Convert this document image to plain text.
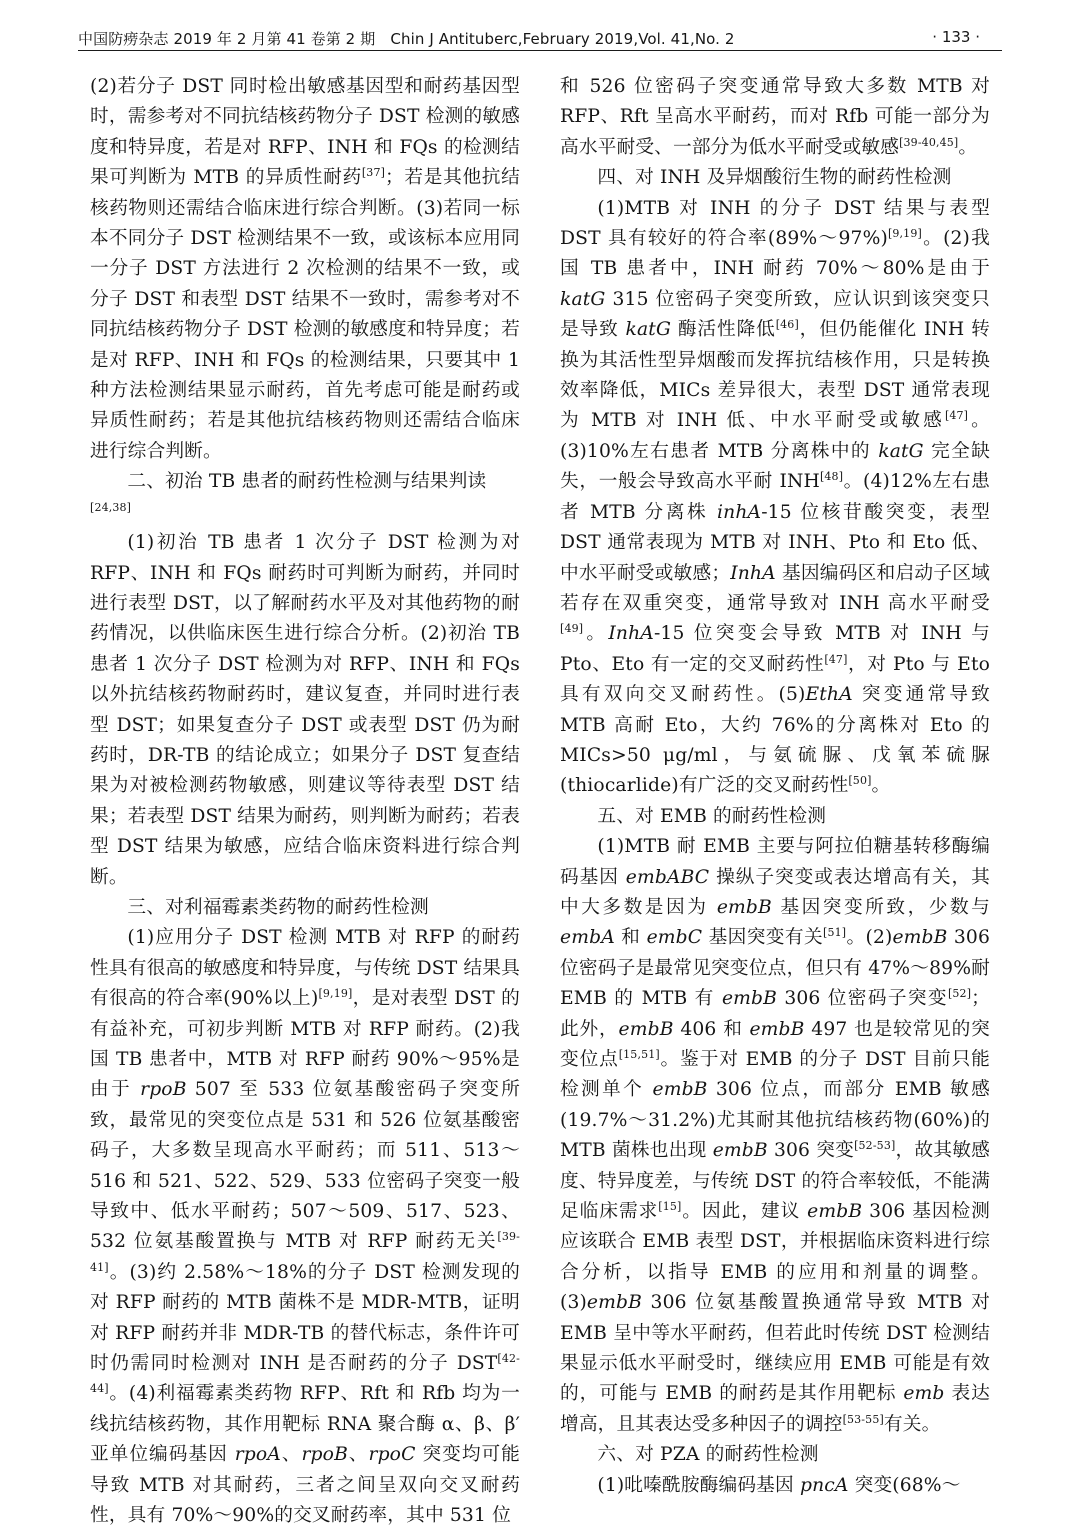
中国防痨杂志 2019 年 2 月第 41 卷第 2 期　Chin J Antituberc,February 2019,Vol. 41,No. 2	· 133 ·

(2)若分子 DST 同时检出敏感基因型和耐药基因型时，需参考对不同抗结核药物分子 DST 检测的敏感度和特异度，若是对 RFP、INH 和 FQs 的检测结果可判断为 MTB 的异质性耐药[37]；若是其他抗结核药物则还需结合临床进行综合判断。(3)若同一标本不同分子 DST 检测结果不一致，或该标本应用同一分子 DST 方法进行 2 次检测的结果不一致，或分子 DST 和表型 DST 结果不一致时，需参考对不同抗结核药物分子 DST 检测的敏感度和特异度；若是对 RFP、INH 和 FQs 的检测结果，只要其中 1 种方法检测结果显示耐药，首先考虑可能是耐药或异质性耐药；若是其他抗结核药物则还需结合临床进行综合判断。

二、初治 TB 患者的耐药性检测与结果判读[24,38]

(1)初治 TB 患者 1 次分子 DST 检测为对 RFP、INH 和 FQs 耐药时可判断为耐药，并同时进行表型 DST，以了解耐药水平及对其他药物的耐药情况，以供临床医生进行综合分析。(2)初治 TB 患者 1 次分子 DST 检测为对 RFP、INH 和 FQs 以外抗结核药物耐药时，建议复查，并同时进行表型 DST；如果复查分子 DST 或表型 DST 仍为耐药时，DR-TB 的结论成立；如果分子 DST 复查结果为对被检测药物敏感，则建议等待表型 DST 结果；若表型 DST 结果为耐药，则判断为耐药；若表型 DST 结果为敏感，应结合临床资料进行综合判断。

三、对利福霉素类药物的耐药性检测

(1)应用分子 DST 检测 MTB 对 RFP 的耐药性具有很高的敏感度和特异度，与传统 DST 结果具有很高的符合率(90%以上)[9,19]，是对表型 DST 的有益补充，可初步判断 MTB 对 RFP 耐药。(2)我国 TB 患者中，MTB 对 RFP 耐药 90%～95%是由于 rpoB 507 至 533 位氨基酸密码子突变所致，最常见的突变位点是 531 和 526 位氨基酸密码子，大多数呈现高水平耐药；而 511、513～516 和 521、522、529、533 位密码子突变一般导致中、低水平耐药；507～509、517、523、532 位氨基酸置换与 MTB 对 RFP 耐药无关[39-41]。(3)约 2.58%～18%的分子 DST 检测发现的对 RFP 耐药的 MTB 菌株不是 MDR-MTB，证明对 RFP 耐药并非 MDR-TB 的替代标志，条件许可时仍需同时检测对 INH 是否耐药的分子 DST[42-44]。(4)利福霉素类药物 RFP、Rft 和 Rfb 均为一线抗结核药物，其作用靶标 RNA 聚合酶 α、β、β′亚单位编码基因 rpoA、rpoB、rpoC 突变均可能导致 MTB 对其耐药，三者之间呈双向交叉耐药性，具有 70%～90%的交叉耐药率，其中 531 位

和 526 位密码子突变通常导致大多数 MTB 对 RFP、Rft 呈高水平耐药，而对 Rfb 可能一部分为高水平耐受、一部分为低水平耐受或敏感[39-40,45]。

四、对 INH 及异烟酸衍生物的耐药性检测

(1)MTB 对 INH 的分子 DST 结果与表型 DST 具有较好的符合率(89%～97%)[9,19]。(2)我国 TB 患者中，INH 耐药 70%～80%是由于 katG 315 位密码子突变所致，应认识到该突变只是导致 katG 酶活性降低[46]，但仍能催化 INH 转换为其活性型异烟酸而发挥抗结核作用，只是转换效率降低，MICs 差异很大，表型 DST 通常表现为 MTB 对 INH 低、中水平耐受或敏感[47]。(3)10%左右患者 MTB 分离株中的 katG 完全缺失，一般会导致高水平耐 INH[48]。(4)12%左右患者 MTB 分离株 inhA-15 位核苷酸突变，表型 DST 通常表现为 MTB 对 INH、Pto 和 Eto 低、中水平耐受或敏感；InhA 基因编码区和启动子区域若存在双重突变，通常导致对 INH 高水平耐受[49]。InhA-15 位突变会导致 MTB 对 INH 与 Pto、Eto 有一定的交叉耐药性[47]，对 Pto 与 Eto 具有双向交叉耐药性。(5)EthA 突变通常导致 MTB 高耐 Eto，大约 76%的分离株对 Eto 的 MICs>50 μg/ml，与氨硫脲、戊氧苯硫脲(thiocarlide)有广泛的交叉耐药性[50]。

五、对 EMB 的耐药性检测

(1)MTB 耐 EMB 主要与阿拉伯糖基转移酶编码基因 embABC 操纵子突变或表达增高有关，其中大多数是因为 embB 基因突变所致，少数与 embA 和 embC 基因突变有关[51]。(2)embB 306 位密码子是最常见突变位点，但只有 47%～89%耐 EMB 的 MTB 有 embB 306 位密码子突变[52]；此外，embB 406 和 embB 497 也是较常见的突变位点[15,51]。鉴于对 EMB 的分子 DST 目前只能检测单个 embB 306 位点，而部分 EMB 敏感(19.7%～31.2%)尤其耐其他抗结核药物(60%)的 MTB 菌株也出现 embB 306 突变[52-53]，故其敏感度、特异度差，与传统 DST 的符合率较低，不能满足临床需求[15]。因此，建议 embB 306 基因检测应该联合 EMB 表型 DST，并根据临床资料进行综合分析，以指导 EMB 的应用和剂量的调整。(3)embB 306 位氨基酸置换通常导致 MTB 对 EMB 呈中等水平耐药，但若此时传统 DST 检测结果显示低水平耐受时，继续应用 EMB 可能是有效的，可能与 EMB 的耐药是其作用靶标 emb 表达增高，且其表达受多种因子的调控[53-55]有关。

六、对 PZA 的耐药性检测

(1)吡嗪酰胺酶编码基因 pncA 突变(68%～
